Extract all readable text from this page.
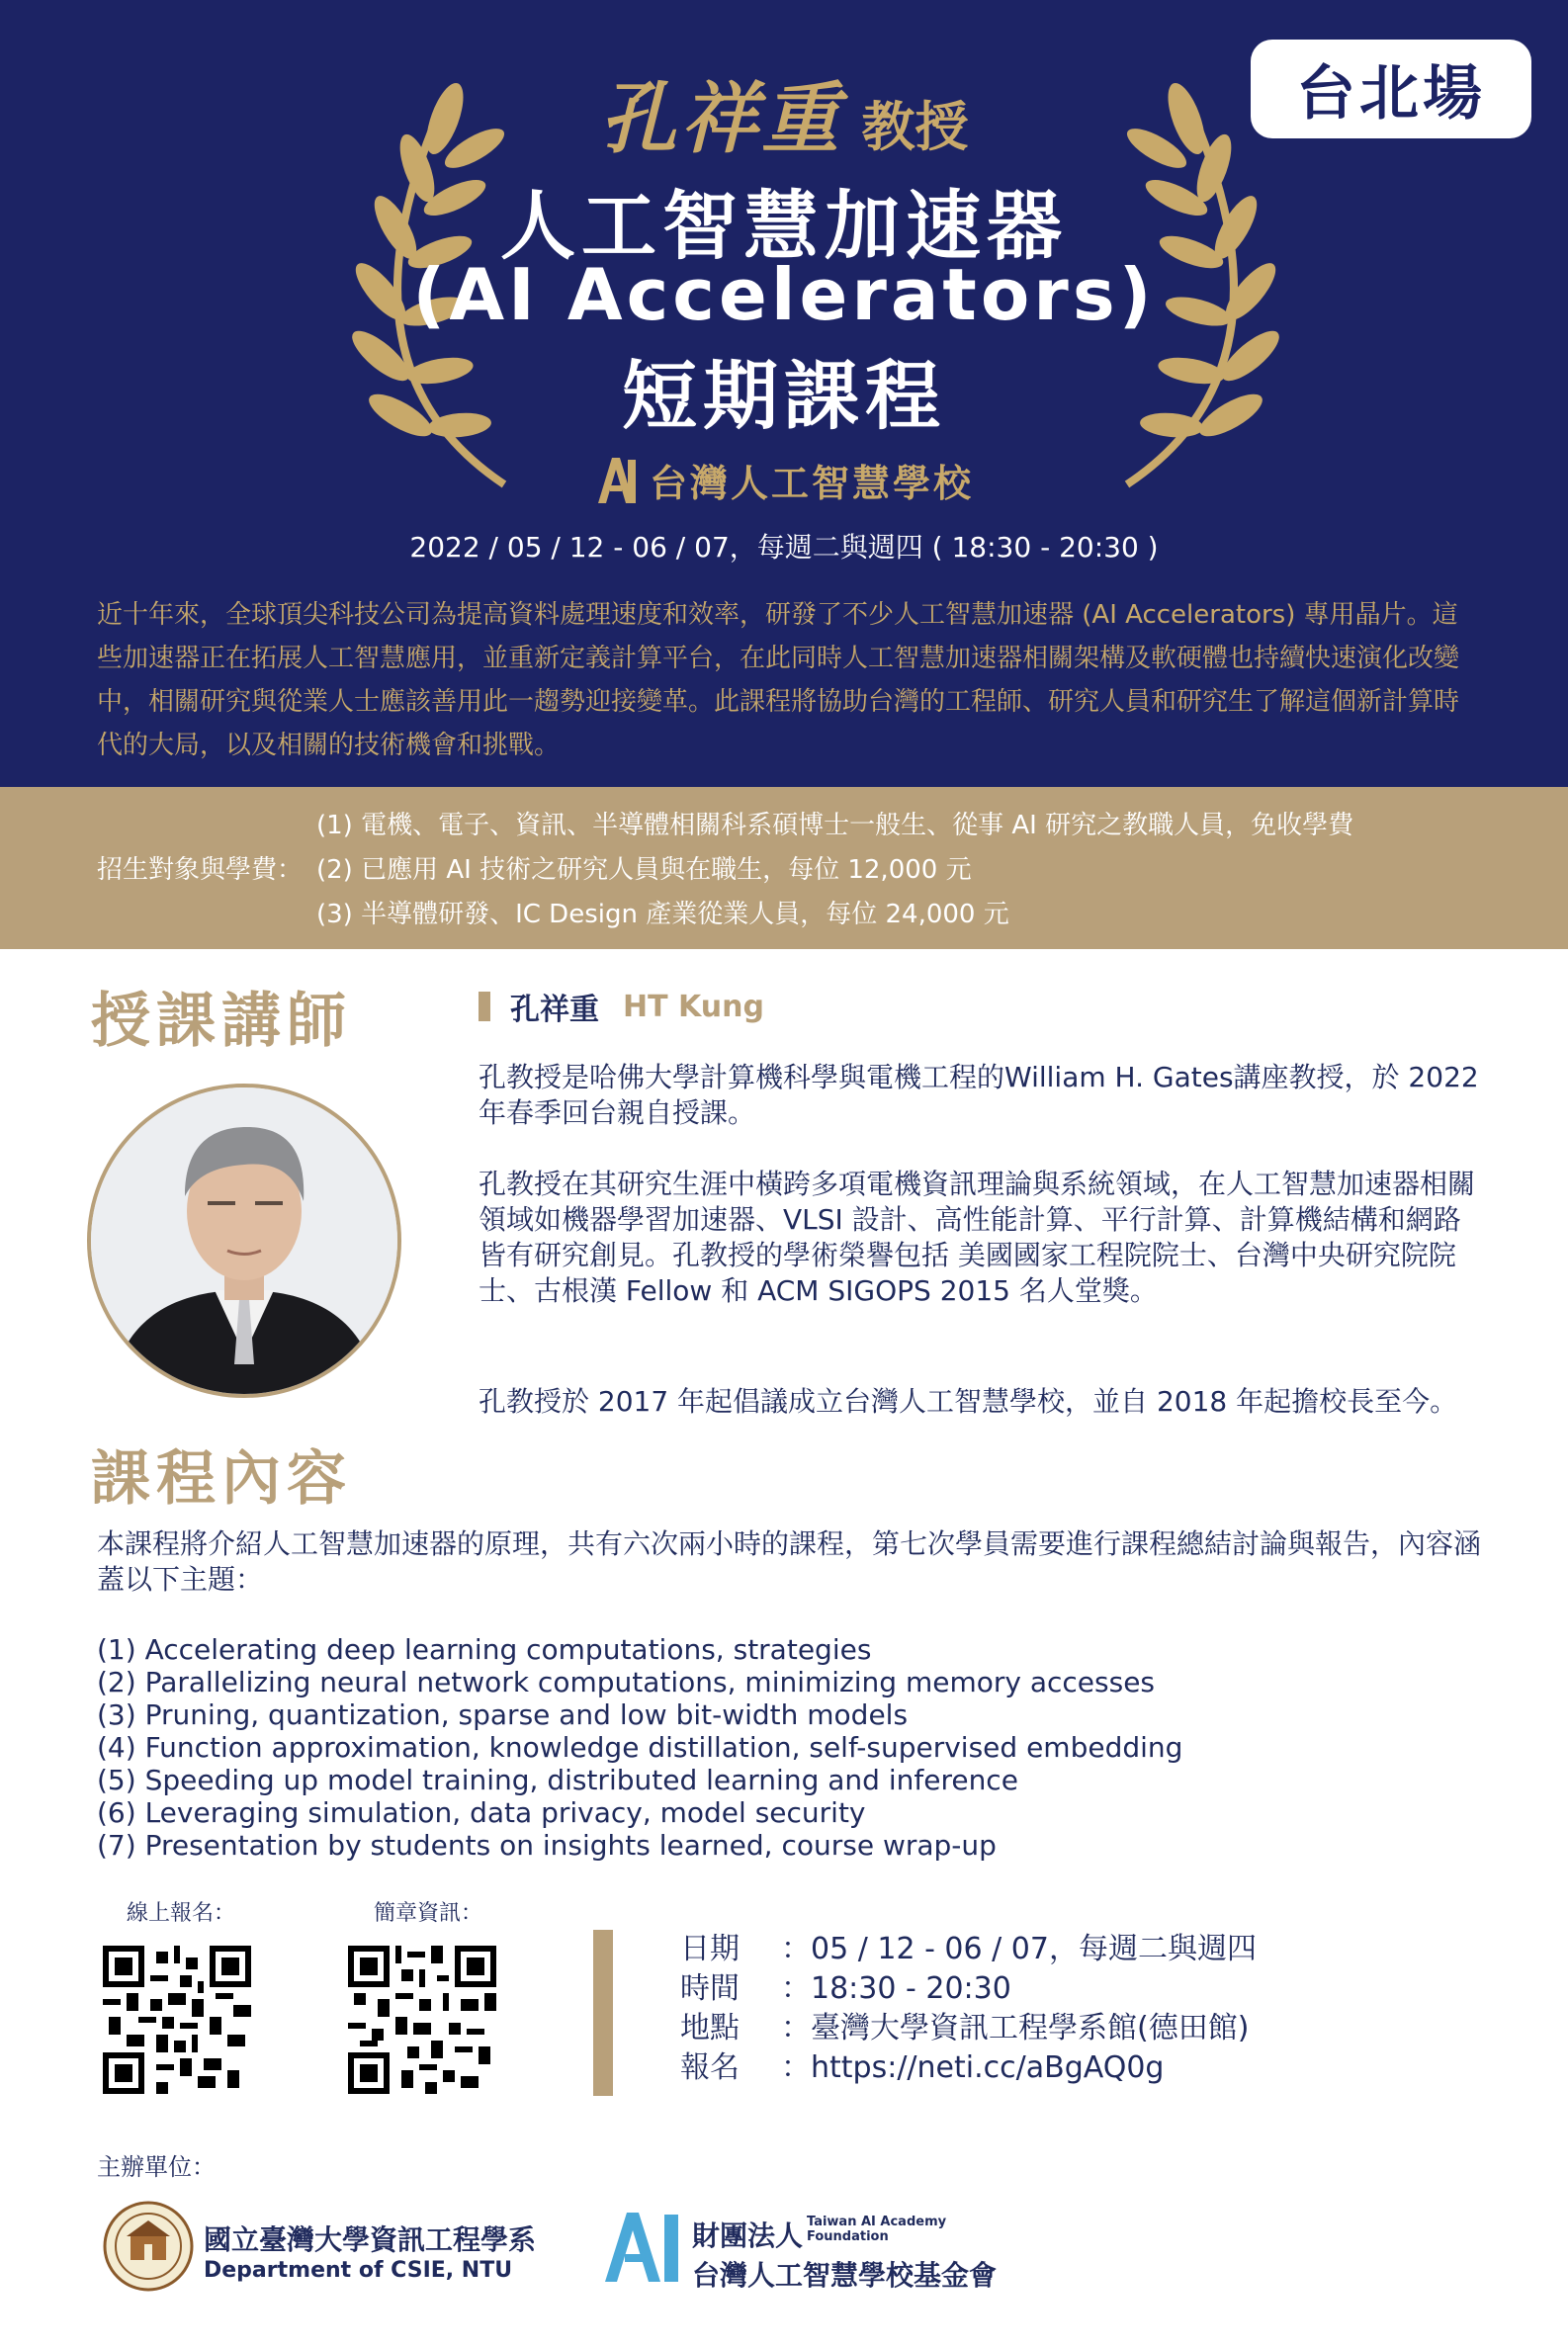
台北場
孔祥重 教授
人工智慧加速器
(AI Accelerators)
短期課程
台灣人工智慧學校
2022 / 05 / 12 - 06 / 07，每週二與週四 ( 18:30 - 20:30 )
近十年來，全球頂尖科技公司為提高資料處理速度和效率，研發了不少人工智慧加速器 (AI Accelerators) 專用晶片。這些加速器正在拓展人工智慧應用，並重新定義計算平台，在此同時人工智慧加速器相關架構及軟硬體也持續快速演化改變中，相關研究與從業人士應該善用此一趨勢迎接變革。此課程將協助台灣的工程師、研究人員和研究生了解這個新計算時代的大局，以及相關的技術機會和挑戰。
招生對象與學費：
(1) 電機、電子、資訊、半導體相關科系碩博士一般生、從事 AI 研究之教職人員，免收學費
(2) 已應用 AI 技術之研究人員與在職生，每位 12,000 元
(3) 半導體研發、IC Design 產業從業人員，每位 24,000 元
授課講師	孔祥重 HT Kung
孔教授是哈佛大學計算機科學與電機工程的William H. Gates講座教授，於 2022 年春季回台親自授課。
孔教授在其研究生涯中橫跨多項電機資訊理論與系統領域，在人工智慧加速器相關領域如機器學習加速器、VLSI 設計、高性能計算、平行計算、計算機結構和網路皆有研究創見。孔教授的學術榮譽包括 美國國家工程院院士、台灣中央研究院院士、古根漢 Fellow 和 ACM SIGOPS 2015 名人堂獎。
孔教授於 2017 年起倡議成立台灣人工智慧學校，並自 2018 年起擔校長至今。
課程內容
本課程將介紹人工智慧加速器的原理，共有六次兩小時的課程，第七次學員需要進行課程總結討論與報告，內容涵蓋以下主題：
(1) Accelerating deep learning computations, strategies
(2) Parallelizing neural network computations, minimizing memory accesses
(3) Pruning, quantization, sparse and low bit-width models
(4) Function approximation, knowledge distillation, self-supervised embedding
(5) Speeding up model training, distributed learning and inference
(6) Leveraging simulation, data privacy, model security
(7) Presentation by students on insights learned, course wrap-up
線上報名：	簡章資訊：
日期	：05 / 12 - 06 / 07，每週二與週四
時間	：18:30 - 20:30
地點	：臺灣大學資訊工程學系館(德田館)
報名	：https://neti.cc/aBgAQ0g
主辦單位：
國立臺灣大學資訊工程學系
Department of CSIE, NTU
財團法人 Taiwan AI Academy
Foundation
台灣人工智慧學校基金會
